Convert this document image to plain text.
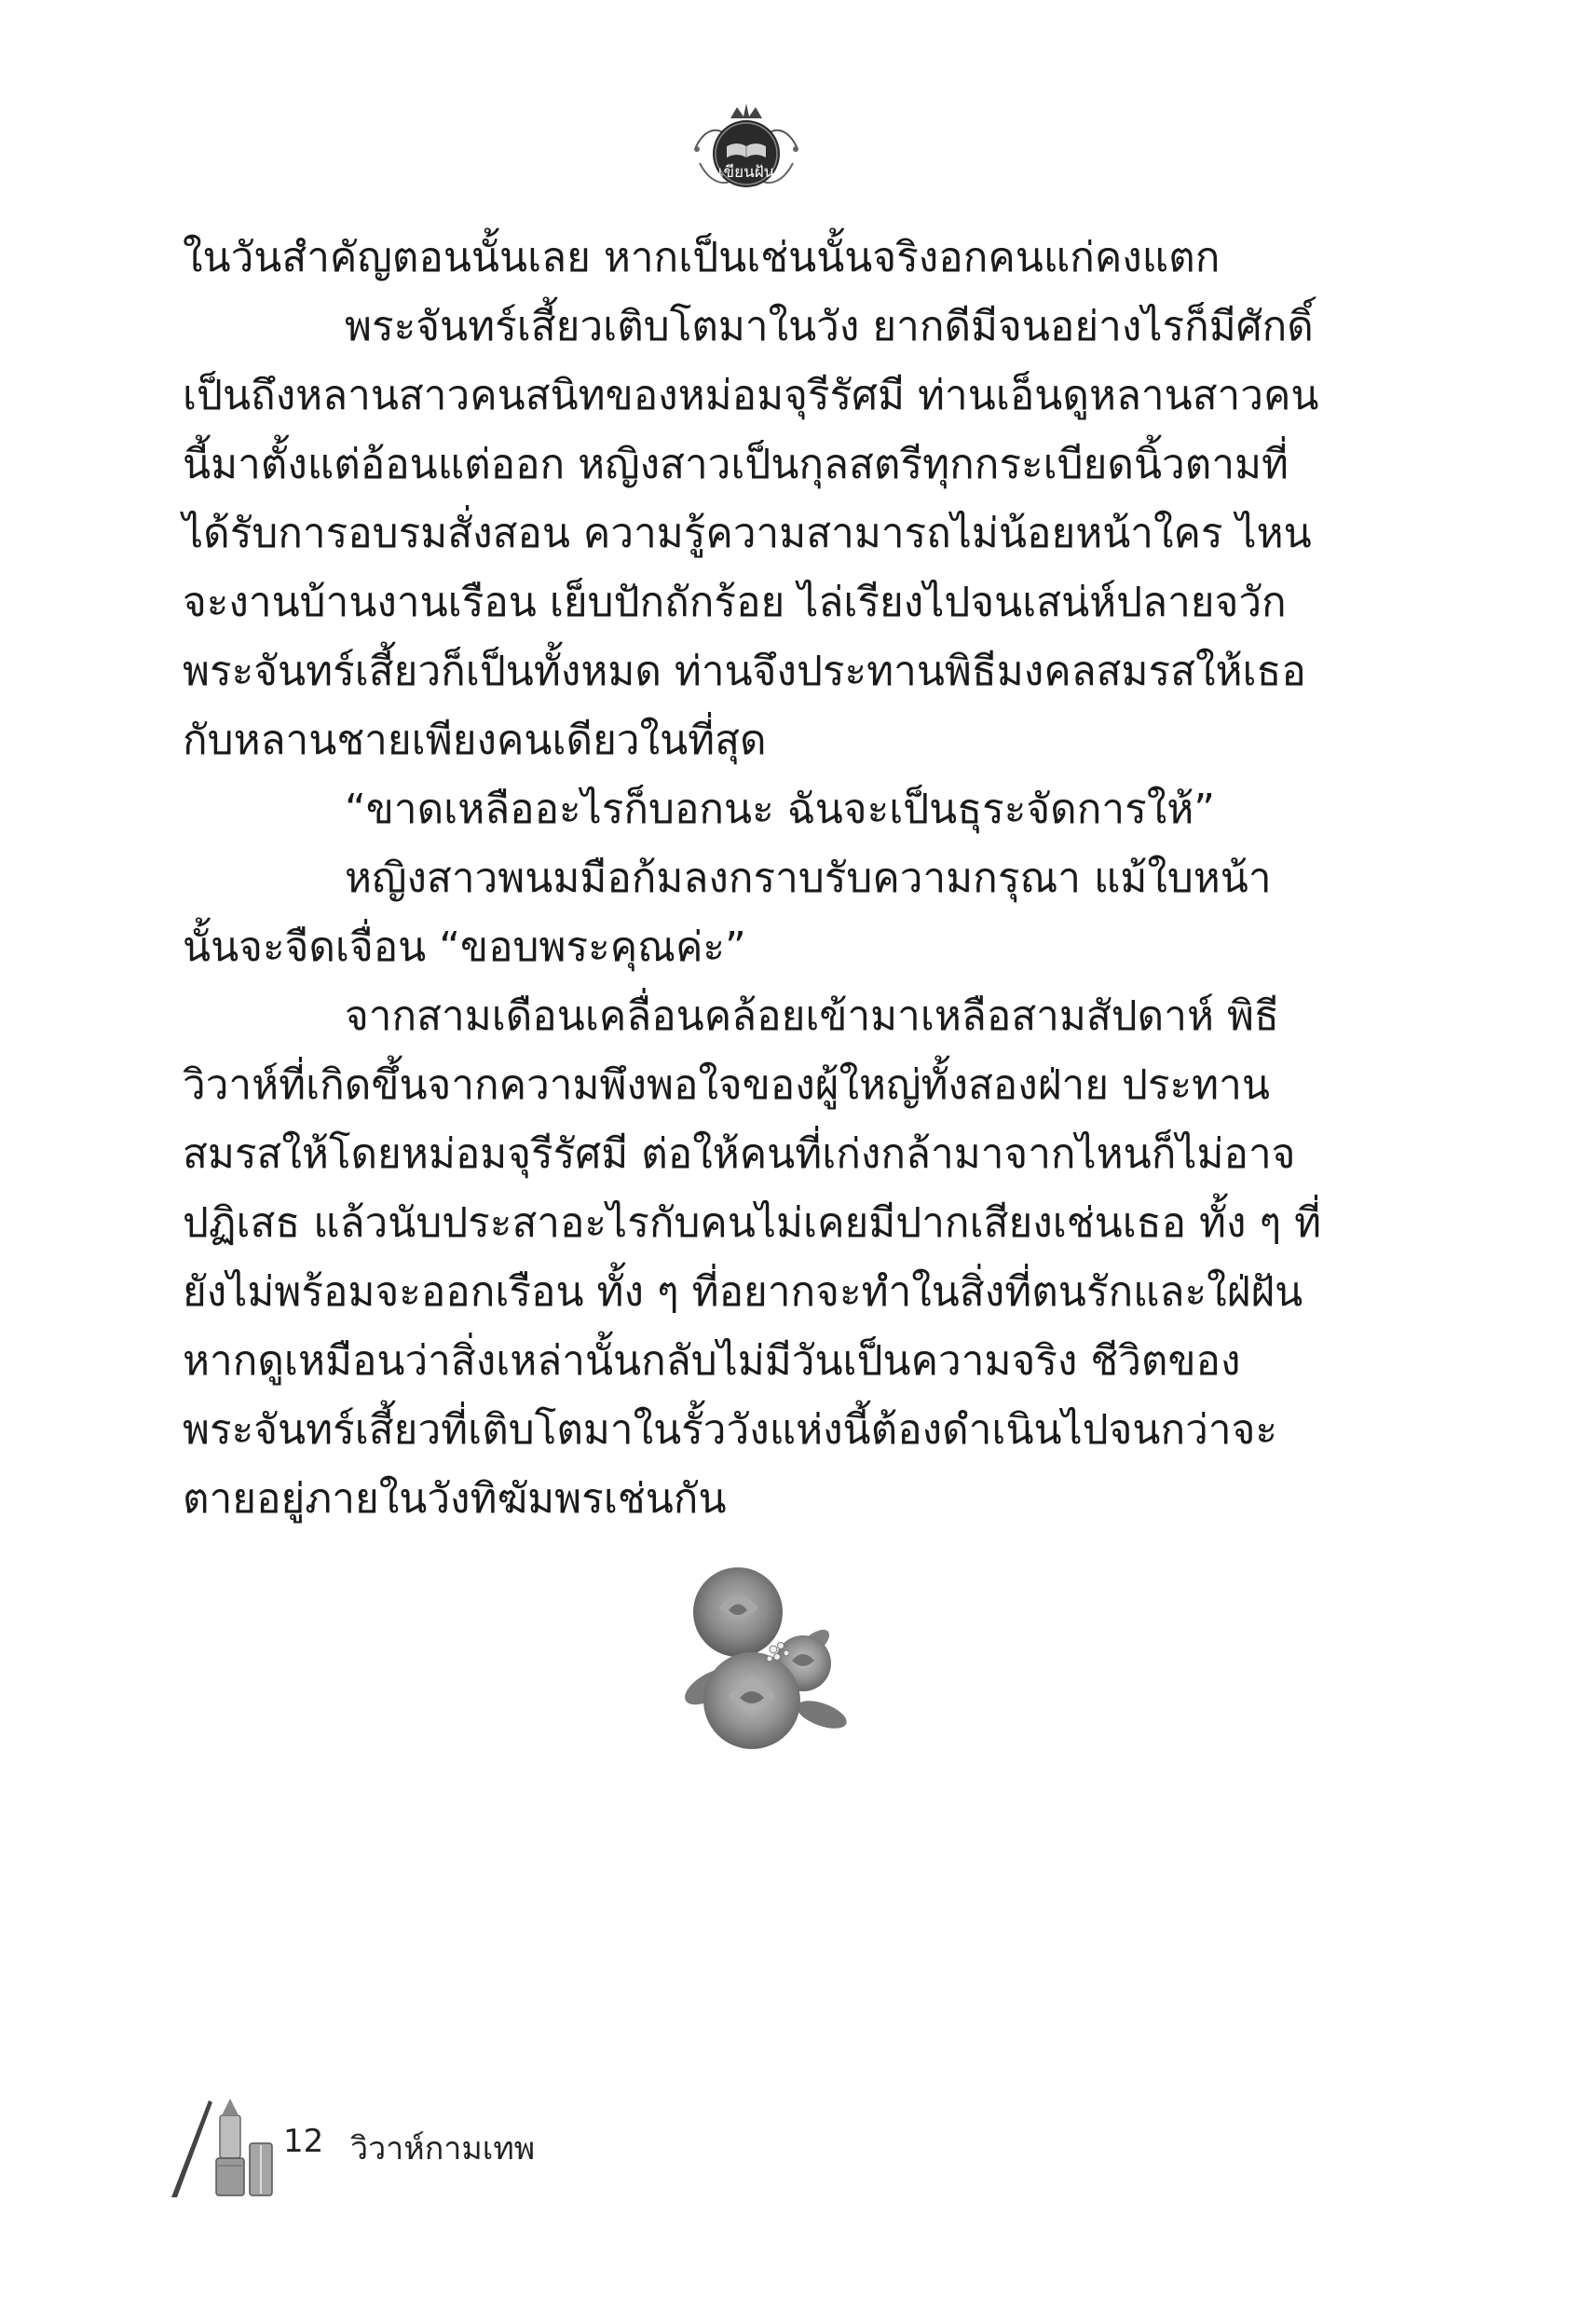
เขียนฝัน

ในวันสำคัญตอนนั้นเลย หากเป็นเช่นนั้นจริงอกคนแก่คงแตก

พระจันทร์เสี้ยวเติบโตมาในวัง ยากดีมีจนอย่างไรก็มีศักดิ์เป็นถึงหลานสาวคนสนิทของหม่อมจุรีรัศมี ท่านเอ็นดูหลานสาวคนนี้มาตั้งแต่อ้อนแต่ออก หญิงสาวเป็นกุลสตรีทุกกระเบียดนิ้วตามที่ได้รับการอบรมสั่งสอน ความรู้ความสามารถไม่น้อยหน้าใคร ไหนจะงานบ้านงานเรือน เย็บปักถักร้อย ไล่เรียงไปจนเสน่ห์ปลายจวัก พระจันทร์เสี้ยวก็เป็นทั้งหมด ท่านจึงประทานพิธีมงคลสมรสให้เธอกับหลานชายเพียงคนเดียวในที่สุด

“ขาดเหลืออะไรก็บอกนะ ฉันจะเป็นธุระจัดการให้”

หญิงสาวพนมมือก้มลงกราบรับความกรุณา แม้ใบหน้านั้นจะจืดเจื่อน “ขอบพระคุณค่ะ”

จากสามเดือนเคลื่อนคล้อยเข้ามาเหลือสามสัปดาห์ พิธีวิวาห์ที่เกิดขึ้นจากความพึงพอใจของผู้ใหญ่ทั้งสองฝ่าย ประทานสมรสให้โดยหม่อมจุรีรัศมี ต่อให้คนที่เก่งกล้ามาจากไหนก็ไม่อาจปฏิเสธ แล้วนับประสาอะไรกับคนไม่เคยมีปากเสียงเช่นเธอ ทั้ง ๆ ที่ยังไม่พร้อมจะออกเรือน ทั้ง ๆ ที่อยากจะทำในสิ่งที่ตนรักและใฝ่ฝัน หากดูเหมือนว่าสิ่งเหล่านั้นกลับไม่มีวันเป็นความจริง ชีวิตของพระจันทร์เสี้ยวที่เติบโตมาในรั้ววังแห่งนี้ต้องดำเนินไปจนกว่าจะตายอยู่ภายในวังทิฆัมพรเช่นกัน

12 วิวาห์กามเทพ
